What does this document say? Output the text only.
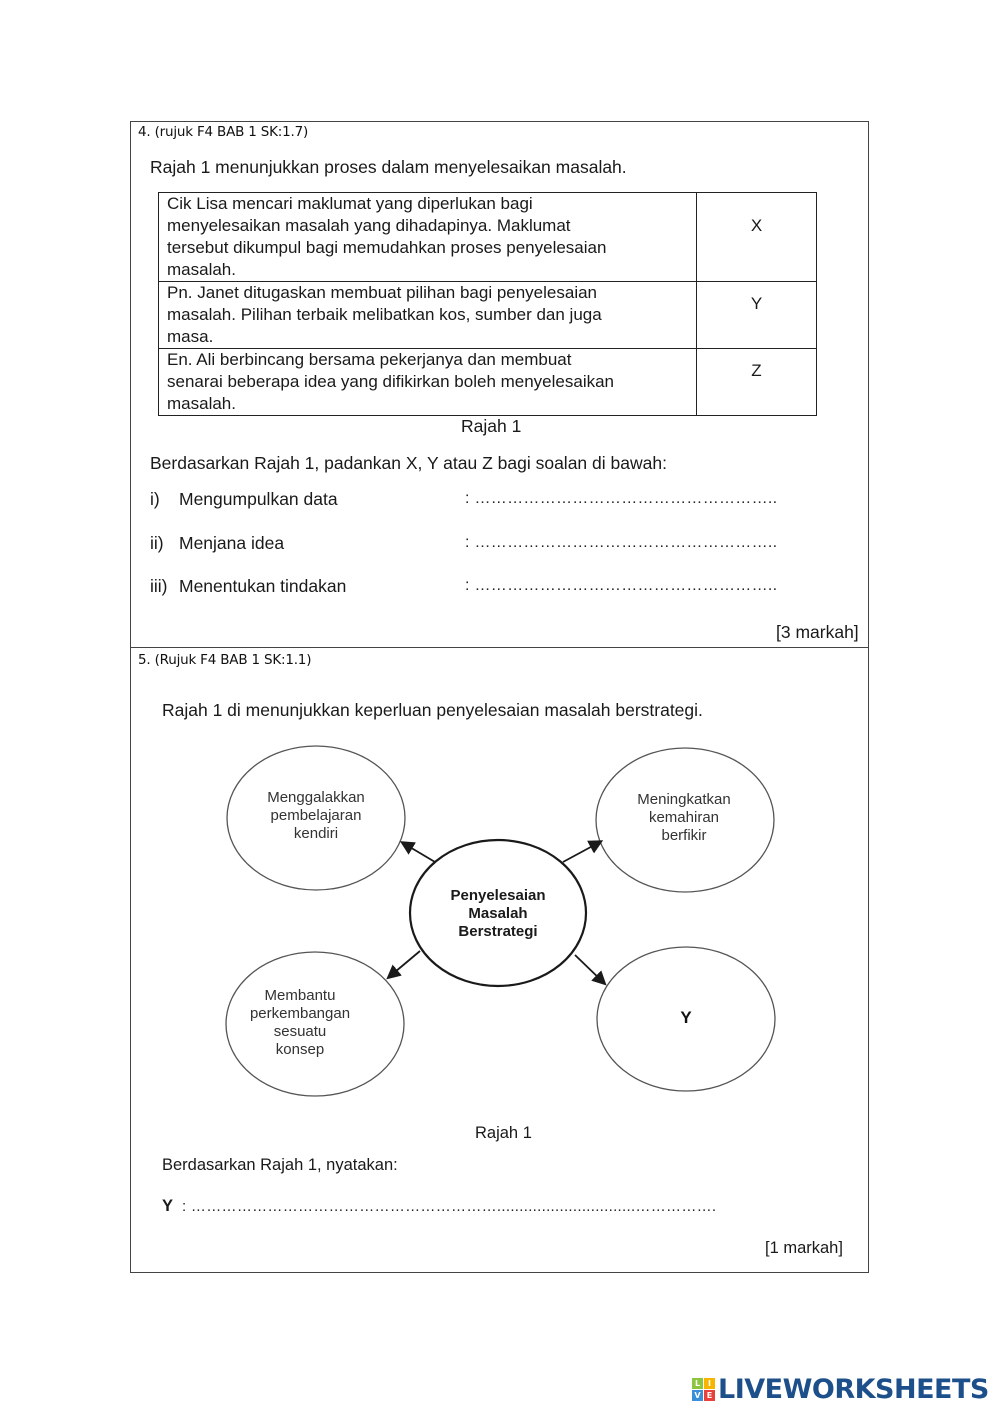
4. (rujuk F4 BAB 1 SK:1.7)
Rajah 1 menunjukkan proses dalam menyelesaikan masalah.
Cik Lisa mencari maklumat yang diperlukan bagi
menyelesaikan masalah yang dihadapinya. Maklumat
tersebut dikumpul bagi memudahkan proses penyelesaian
masalah.	X

Pn. Janet ditugaskan membuat pilihan bagi penyelesaian
masalah. Pilihan terbaik melibatkan kos, sumber dan juga
masa.	Y

En. Ali berbincang bersama pekerjanya dan membuat
senarai beberapa idea yang difikirkan boleh menyelesaikan
masalah.	Z
Rajah 1
Berdasarkan Rajah 1, padankan X, Y atau Z bagi soalan di bawah:
i) Mengumpulkan data	: ………………………………………………..
ii) Menjana idea	: ………………………………………………..
iii) Menentukan tindakan	: ………………………………………………..
[3 markah]
5. (Rujuk F4 BAB 1 SK:1.1)
Rajah 1 di menunjukkan keperluan penyelesaian masalah berstrategi.
Menggalakkan
pembelajaran
kendiri
Meningkatkan
kemahiran
berfikir
Penyelesaian
Masalah
Berstrategi
Membantu
perkembangan
sesuatu
konsep
Y
Rajah 1
Berdasarkan Rajah 1, nyatakan:
Y : ……………………………………………………...............................…………….
[1 markah]
L I
V E LIVEWORKSHEETS
